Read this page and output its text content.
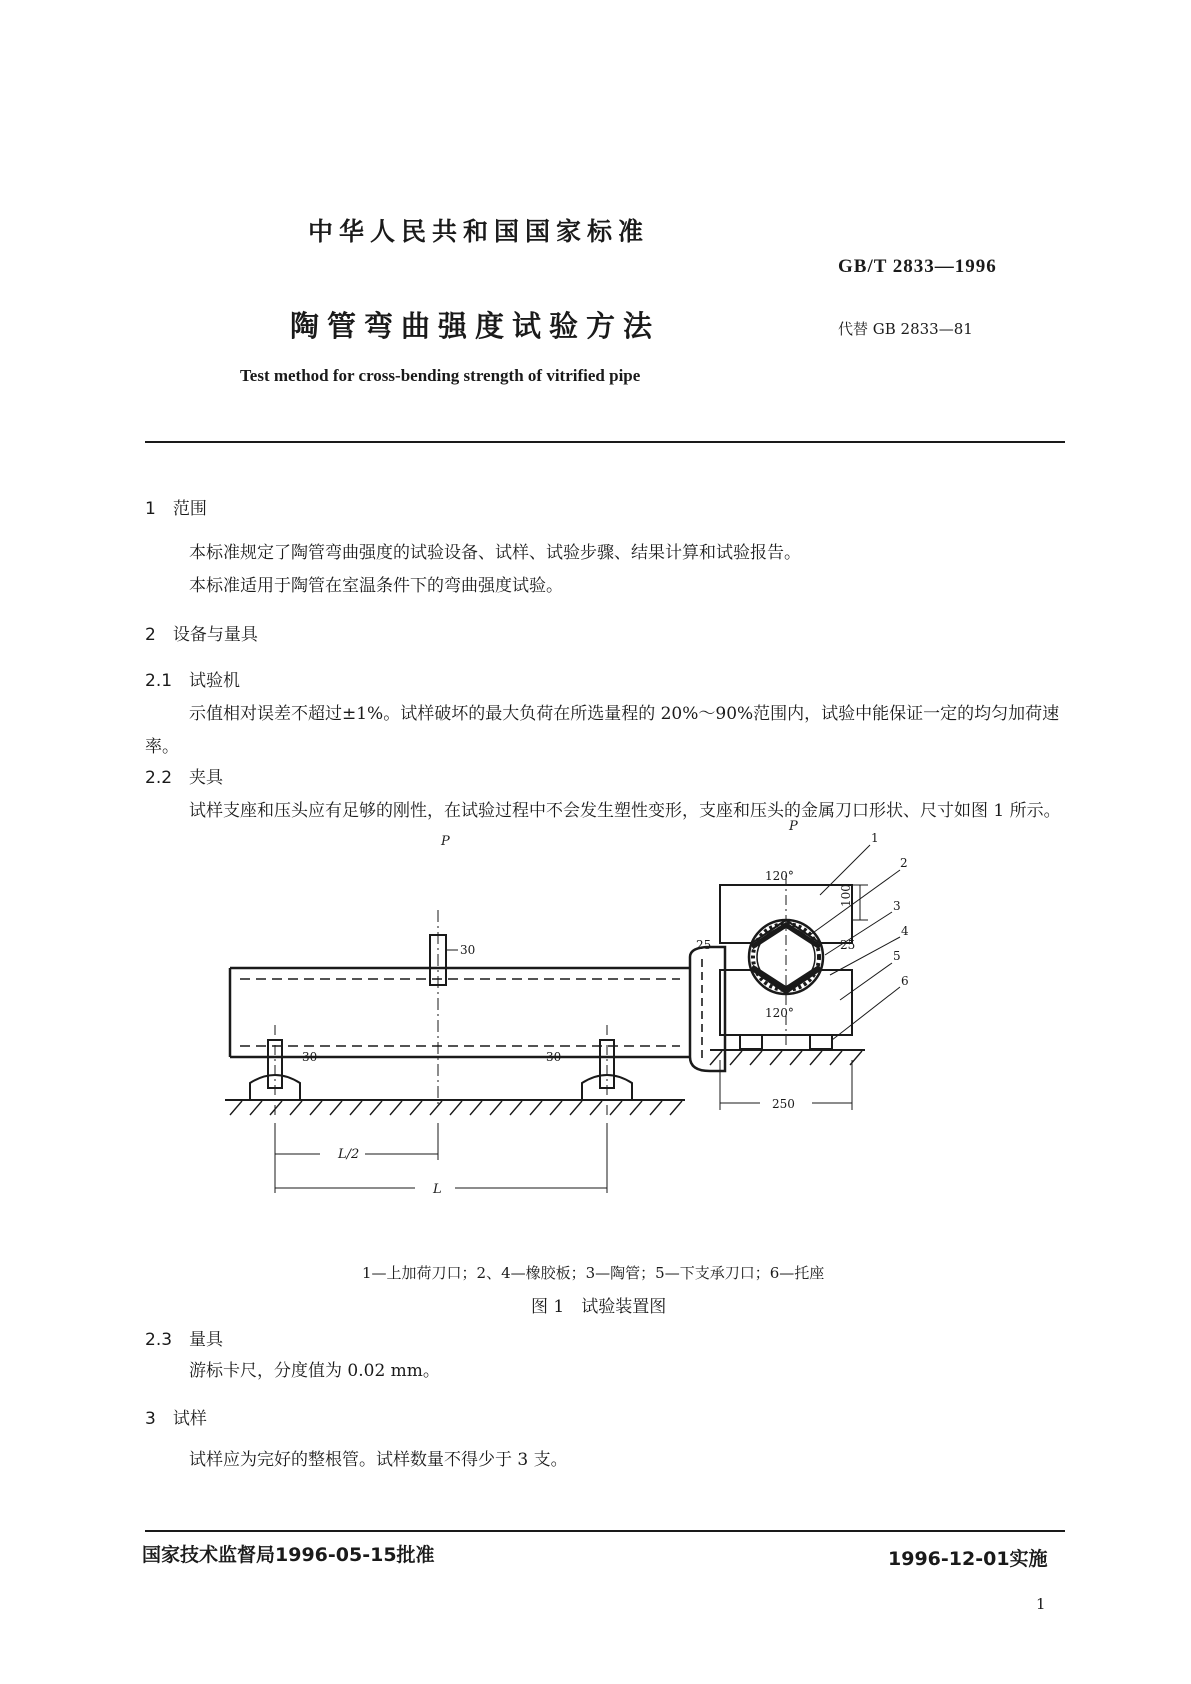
中华人民共和国国家标准
GB/T 2833—1996
陶管弯曲强度试验方法	代替 GB 2833—81
Test method for cross-bending strength of vitrified pipe
1　范围
本标准规定了陶管弯曲强度的试验设备、试样、试验步骤、结果计算和试验报告。
本标准适用于陶管在室温条件下的弯曲强度试验。
2　设备与量具
2.1　试验机
示值相对误差不超过±1%。试样破坏的最大负荷在所选量程的 20%～90%范围内，试验中能保证一定的均匀加荷速率。
2.2　夹具
试样支座和压头应有足够的刚性，在试验过程中不会发生塑性变形，支座和压头的金属刀口形状、尺寸如图 1 所示。
P
P
L/2
L
30
30	30
120°
120°
100
25	25
250
1
2
3
4
5
6
1—上加荷刀口；2、4—橡胶板；3—陶管；5—下支承刀口；6—托座
图 1　试验装置图
2.3　量具
游标卡尺，分度值为 0.02 mm。
3　试样
试样应为完好的整根管。试样数量不得少于 3 支。
国家技术监督局1996-05-15批准	1996-12-01实施
1
